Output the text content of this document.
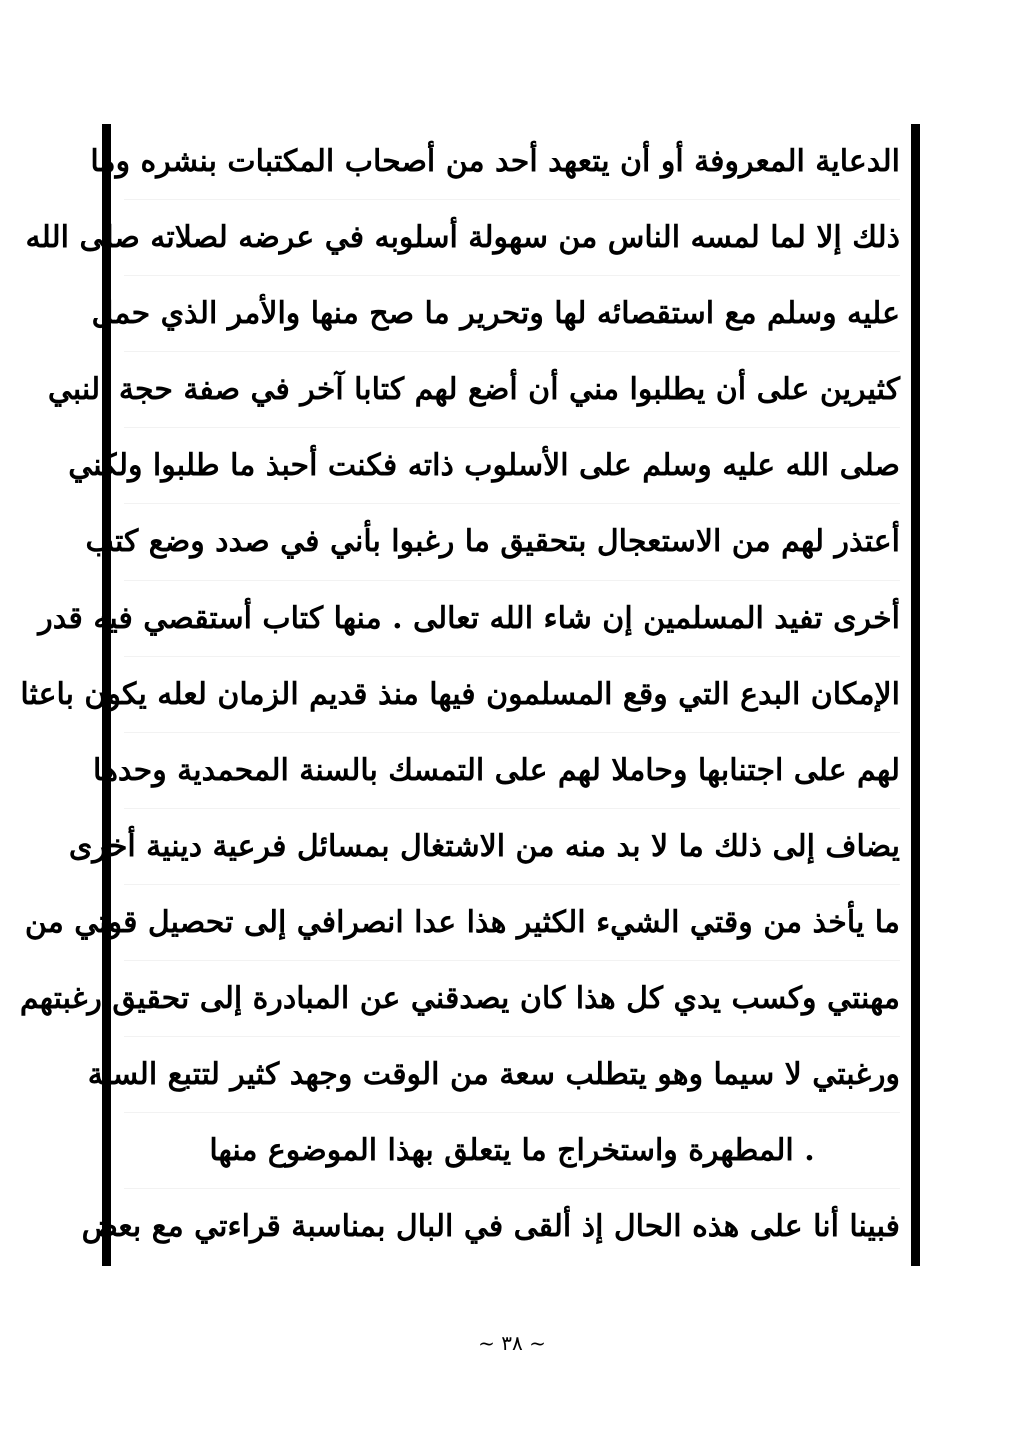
الدعاية المعروفة أو أن يتعهد أحد من أصحاب المكتبات بنشره وما
ذلك إلا لما لمسه الناس من سهولة أسلوبه في عرضه لصلاته صلى الله
عليه وسلم مع استقصائه لها وتحرير ما صح منها والأمر الذي حمل
كثيرين على أن يطلبوا مني أن أضع لهم كتابا آخر في صفة حجة النبي
صلى الله عليه وسلم على الأسلوب ذاته فكنت أحبذ ما طلبوا ولكني
أعتذر لهم من الاستعجال بتحقيق ما رغبوا بأني في صدد وضع كتب
أخرى تفيد المسلمين إن شاء الله تعالى . منها كتاب أستقصي فيه قدر
الإمكان البدع التي وقع المسلمون فيها منذ قديم الزمان لعله يكون باعثا
لهم على اجتنابها وحاملا لهم على التمسك بالسنة المحمدية وحدها
يضاف إلى ذلك ما لا بد منه من الاشتغال بمسائل فرعية دينية أخرى
ما يأخذ من وقتي الشيء الكثير هذا عدا انصرافي إلى تحصيل قوتي من
مهنتي وكسب يدي كل هذا كان يصدقني عن المبادرة إلى تحقيق رغبتهم
ورغبتي لا سيما وهو يتطلب سعة من الوقت وجهد كثير لتتبع السنة
. المطهرة واستخراج ما يتعلق بهذا الموضوع منها
فبينا أنا على هذه الحال إذ ألقى في البال بمناسبة قراءتي مع بعض
~ ٣٨ ~
